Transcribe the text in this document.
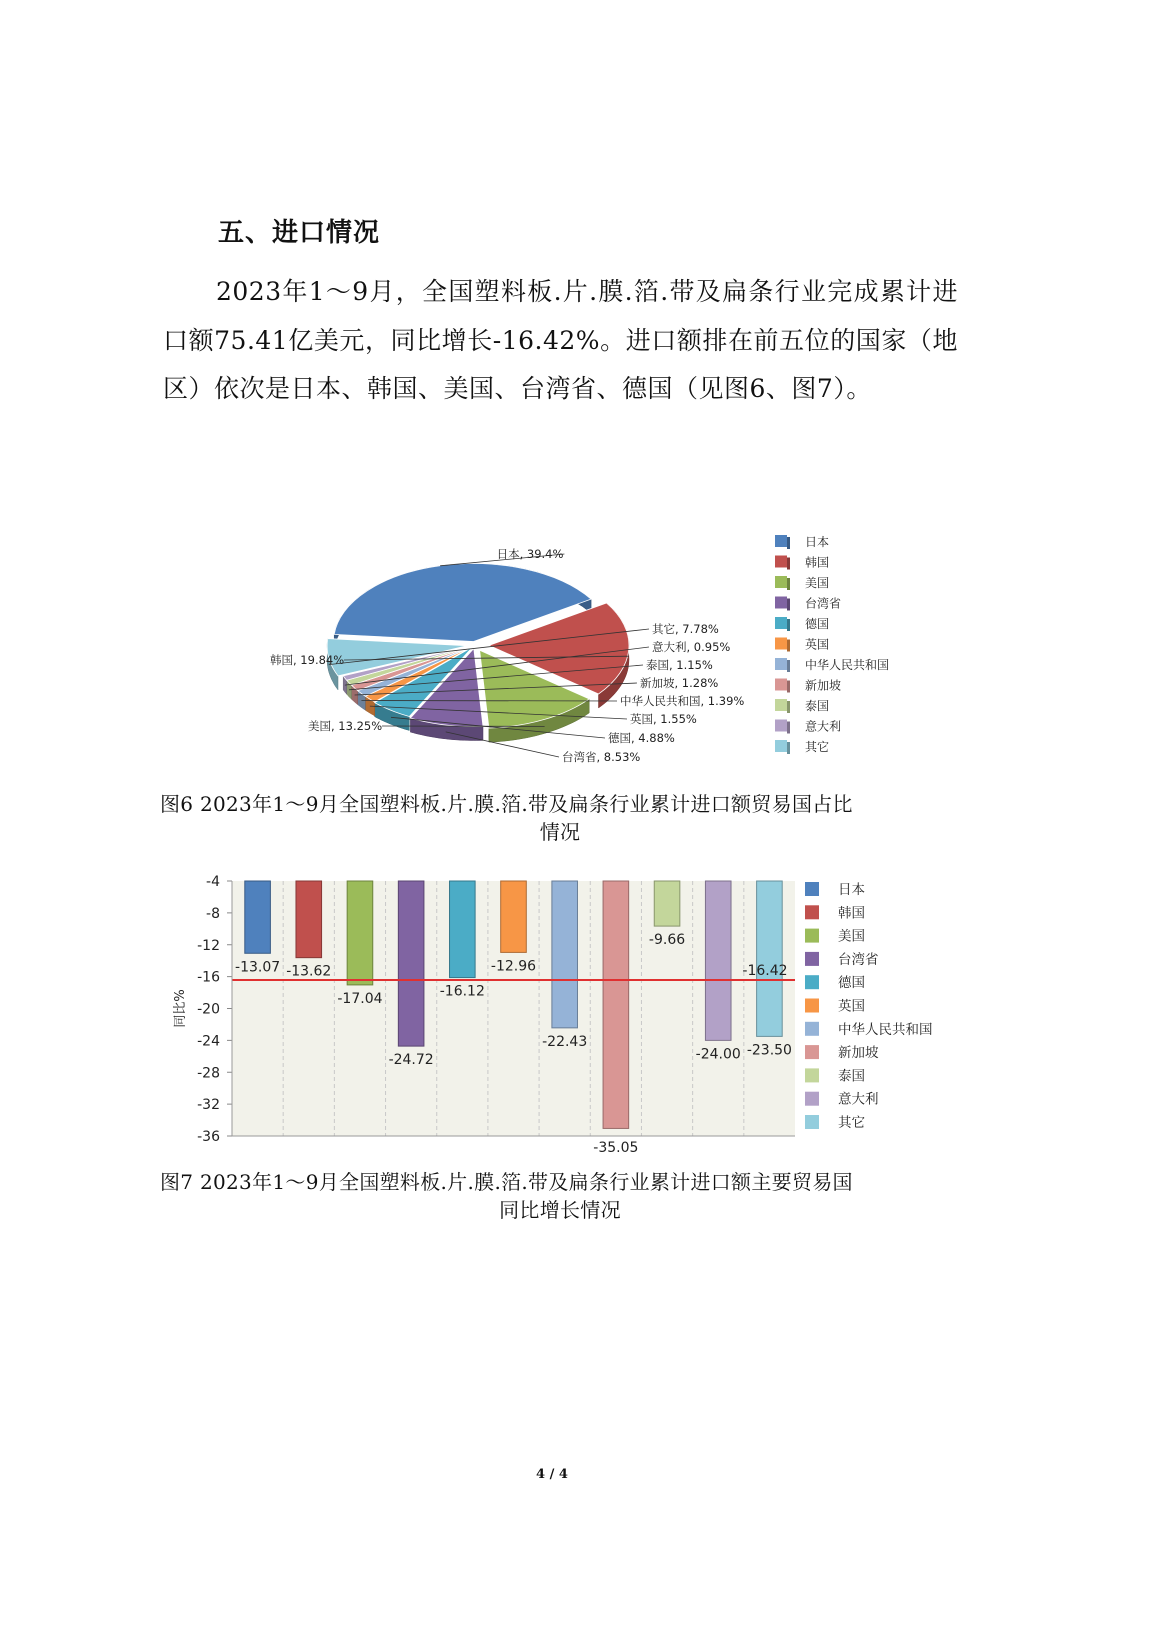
五、进口情况
2023年1～9月，全国塑料板.片.膜.箔.带及扁条行业完成累计进口额75.41亿美元，同比增长-16.42%。进口额排在前五位的国家（地区）依次是日本、韩国、美国、台湾省、德国（见图6、图7）。
日本, 39.4%
韩国, 19.84%
美国, 13.25%
台湾省, 8.53%
德国, 4.88%
英国, 1.55%
中华人民共和国, 1.39%
新加坡, 1.28%
泰国, 1.15%
意大利, 0.95%
其它, 7.78%
日本
韩国
美国
台湾省
德国
英国
中华人民共和国
新加坡
泰国
意大利
其它
图6 2023年1～9月全国塑料板.片.膜.箔.带及扁条行业累计进口额贸易国占比
情况
-4
-8
-12
-16
-20
-24
-28
-32
-36
同比%
-13.07 -13.62
-17.04
-24.72
-16.12
-12.96
-22.43
-35.05
-9.66
-24.00 -23.50
-16.42
日本
韩国
美国
台湾省
德国
英国
中华人民共和国
新加坡
泰国
意大利
其它
图7 2023年1～9月全国塑料板.片.膜.箔.带及扁条行业累计进口额主要贸易国
同比增长情况
4 / 4
